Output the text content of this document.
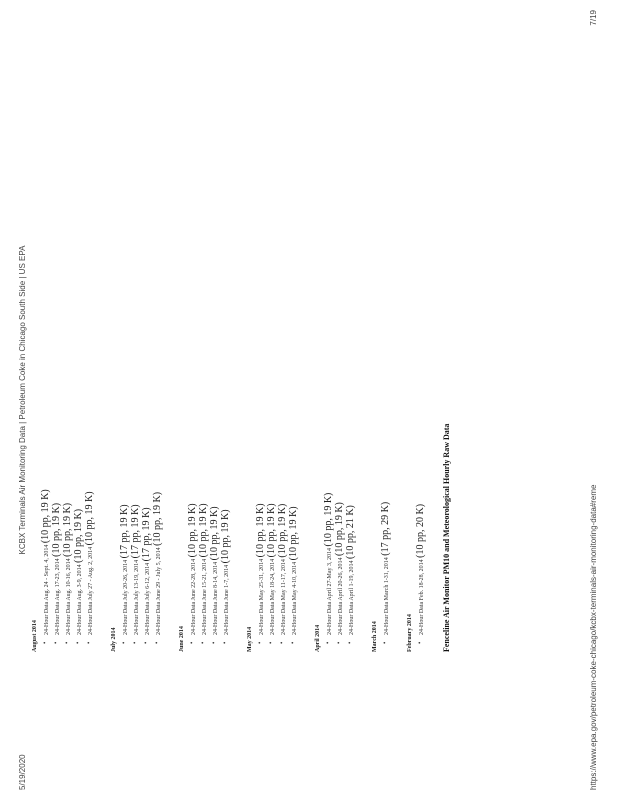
5/19/2020
KCBX Terminals Air Monitoring Data | Petroleum Coke in Chicago South Side | US EPA
August 2014
• 24-Hour Data Aug. 24 - Sept. 4, 2014 (10 pp, 19 K)
• 24-Hour Data Aug. 17-23, 2014 (10 pp, 19 K)
• 24-Hour Data Aug. 10-16, 2014 (10 pp, 19 K)
• 24-Hour Data Aug. 3-9, 2014 (10 pp, 19 K)
• 24-Hour Data July 27 - Aug. 2, 2014 (10 pp, 19 K)
July 2014
• 24-Hour Data July 20-26, 2014 (17 pp, 19 K)
• 24-Hour Data July 13-19, 2014 (17 pp, 19 K)
• 24-Hour Data July 6-12, 2014 (17 pp, 19 K)
• 24-Hour Data June 29 - July 5, 2014 (10 pp, 19 K)
June 2014
• 24-Hour Data June 22-28, 2014 (10 pp, 19 K)
• 24-Hour Data June 15-21, 2014 (10 pp, 19 K)
• 24-Hour Data June 8-14, 2014 (10 pp, 19 K)
• 24-Hour Data June 1-7, 2014 (10 pp, 19 K)
May 2014
• 24-Hour Data May 25-31, 2014 (10 pp, 19 K)
• 24-Hour Data May 18-24, 2014 (10 pp, 19 K)
• 24-Hour Data May 11-17, 2014 (10 pp, 19 K)
• 24-Hour Data May 4-10, 2014 (10 pp, 19 K)
April 2014
• 24-Hour Data April 27-May 3, 2014 (10 pp, 19 K)
• 24-Hour Data April 20-26, 2014 (10 pp, 19 K)
• 24-Hour Data April 1-19, 2014 (10 pp, 21 K)
March 2014
• 24-Hour Data March 1-31, 2014 (17 pp, 29 K)
February 2014
•	24-Hour Data Feb. 18-28, 2014 (10 pp, 20 K) Fenceline Air Monitor PM10 and Meteorological Hourly Raw Data	https://www.epa.gov/petroleum-coke-chicago/kcbx-terminals-air-monitoring-data#reme
7/19
